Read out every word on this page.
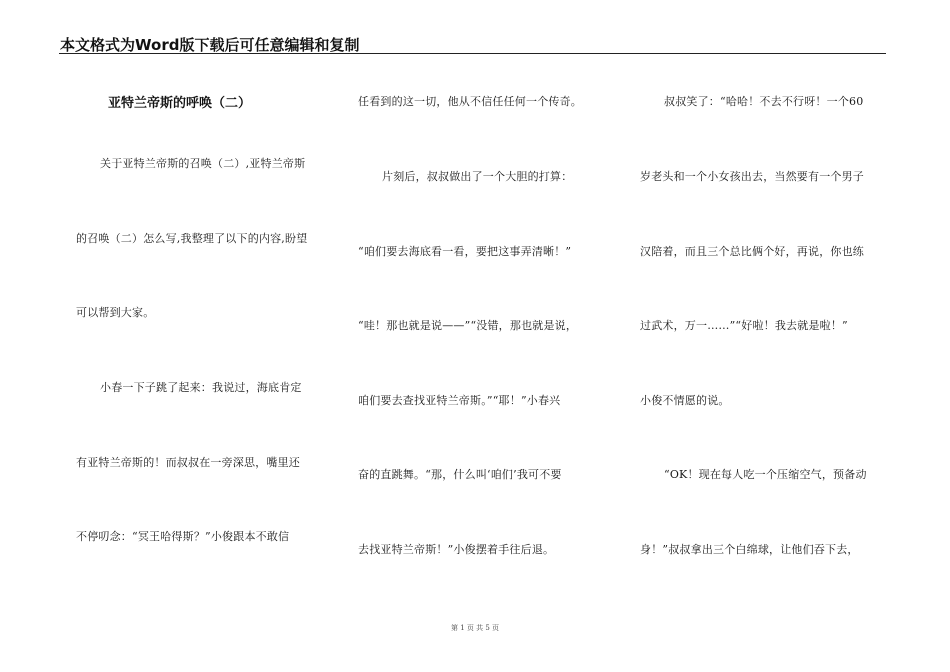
本文格式为Word版下载后可任意编辑和复制
亚特兰帝斯的呼唤（二）
关于亚特兰帝斯的召唤（二）,亚特兰帝斯
的召唤（二）怎么写,我整理了以下的内容,盼望
可以帮到大家。
小春一下子跳了起来：我说过，海底肯定
有亚特兰帝斯的！而叔叔在一旁深思，嘴里还
不停叨念：“冥王哈得斯？”小俊跟本不敢信
任看到的这一切，他从不信任任何一个传奇。
片刻后，叔叔做出了一个大胆的打算：
“咱们要去海底看一看，要把这事弄清晰！”
“哇！那也就是说——”“没错，那也就是说，
咱们要去查找亚特兰帝斯。”“耶！”小春兴
奋的直跳舞。“那，什么叫‘咱们’我可不要
去找亚特兰帝斯！”小俊摆着手往后退。
叔叔笑了：“哈哈！不去不行呀！一个60
岁老头和一个小女孩出去，当然要有一个男子
汉陪着，而且三个总比俩个好，再说，你也练
过武术，万一……”“好啦！我去就是啦！”
小俊不情愿的说。
“OK！现在每人吃一个压缩空气，预备动
身！”叔叔拿出三个白绵球，让他们吞下去，
第 1 页 共 5 页
